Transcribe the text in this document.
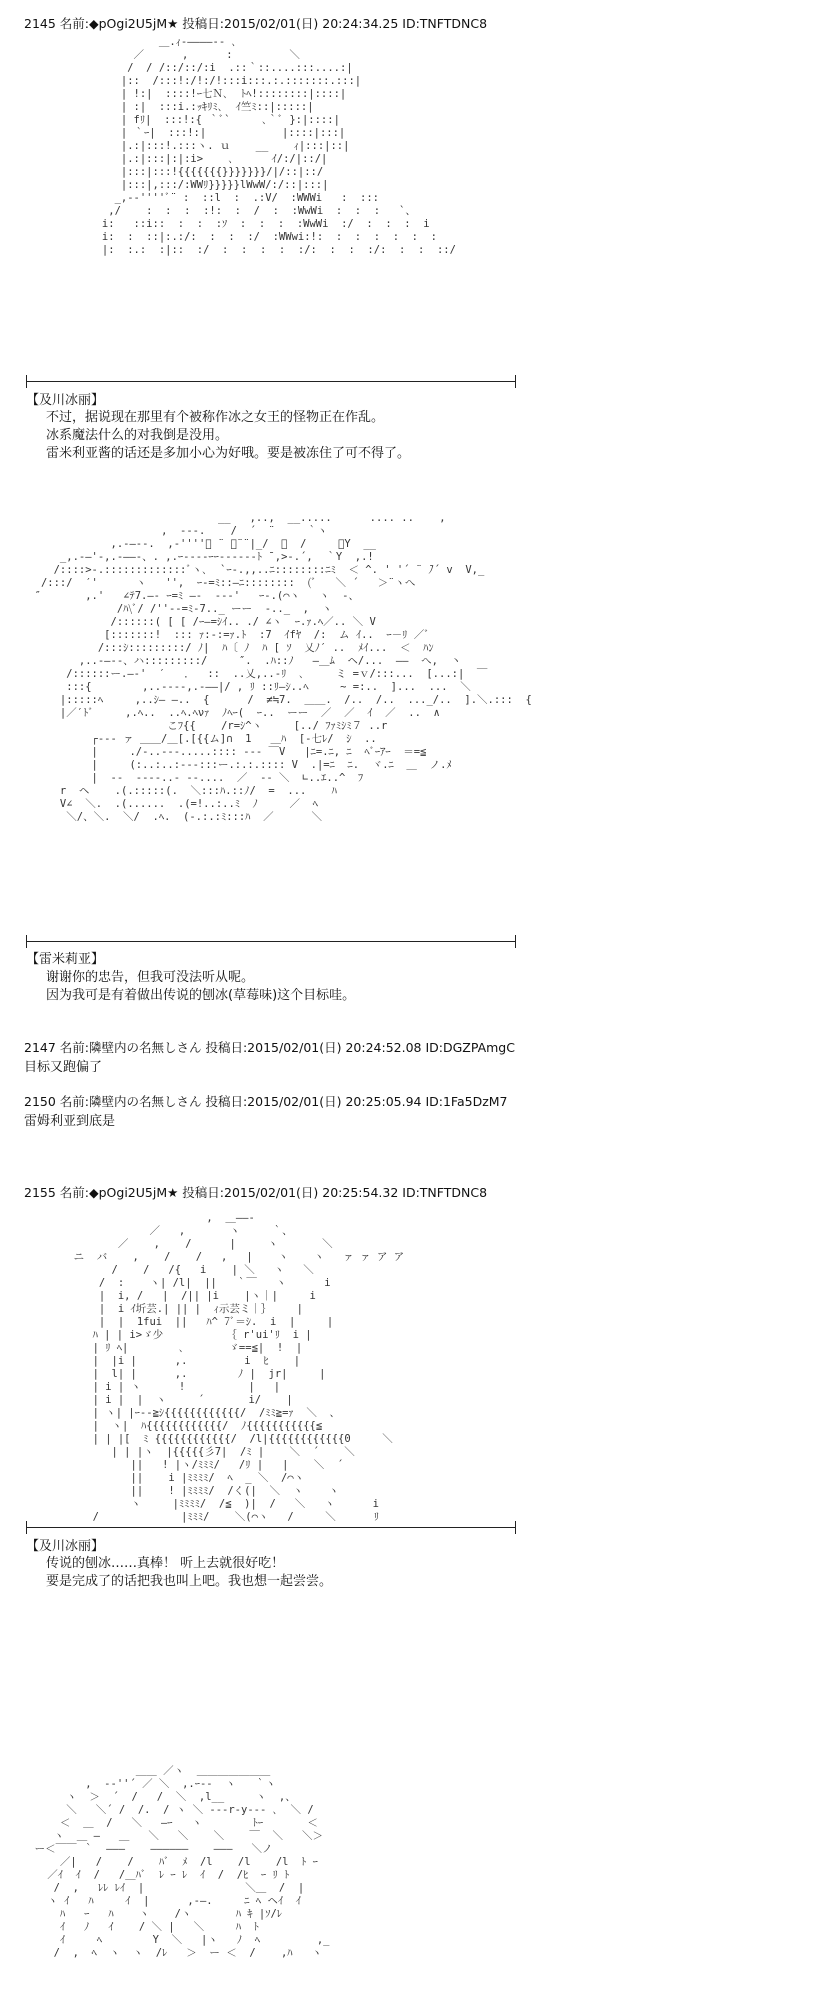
2145 名前:◆pOgi2U5jM★ 投稿日:2015/02/01(日) 20:24:34.25 ID:TNFTDNC8
＿.ｨ‐――――‐- ､
／      ,      :         ＼
/  / /::/::/:i  .::｀::....:::....:|
|::  /:::!:/!:/!:::i:::.:.:::::::.:::|
| !:|  ::::!ｰ七Ｎ､  ﾄﾍ!::::::::|::::|
| :|  :::i.:ｯｷﾘﾐ､  ｲ竺ﾐ::|:::::|
| fﾘ|  :::!:{ ｀ﾞ`     ､｀ﾞ }:|::::|
| ｀ｰ|  :::!:|            |::::|:::|
|.:|:::!.:::ヽ. ｕ    __    ｨ|:::|::|
|.:|:::|:|:i>    ､      ｲ/:/|::/|
|:::|:::!{{{{{{{}}}}}}}/|/::|::/
|:::|,:::/:WWﾘ}}}}}lWwW/:/::|:::|
_,-‐''''ﾞ¨ :  ::l  :  .:V/  :WWWi   :  :::
,/    :  :  :  :!:  :  /  :  :WwWi  :  :  :   `、
i:   ::i::  :  :  :ｿ  :  :  :  :WwWi  :/  :  :  :  i
i:  :  ::|:.:/:  :  :  :/  :WWwi:!:  :  :  :  :  :  :
|:  :.:  :|::  :/  :  :  :  :  :/:  :  :  :/:  :  :  ::/
【及川冰丽】
不过，据说现在那里有个被称作冰之女王的怪物正在作乱。
冰系魔法什么的对我倒是没用。
雷米利亚酱的话还是多加小心为好哦。要是被冻住了可不得了。
__   ,..,  __.....      .... ..    ,
,  ---.    /  ´  ¨     ｀ヽ
,.-―‐-.  ,-''''ﾞ ¨ ﾞ¨¨|_/  ｀  /     ｀Y  __
_,.-―'-,.-――‐、. ,.ｰ----ｰｰ----‐‐ﾄ ̄ ,>‐.´,  ｀Y  ,.!
/::::>‐.:::::::::::::ﾞヽ､  `ｰ-.,,..ﾆ::::::::ﾆﾐ  ＜ ^. ' '´ ¨ ̄ﾉ´ v  V,_
/:::/  ′'      ヽ   '',  ｰ-=ﾐ::―ﾆ::::::::  (ﾞ   ＼ ´   ＞¨ヽへ
″       ,.'   ∠ﾃ7.―‐ ｰ=ﾐ ―‐  ‐‐‐'   ｰ‐.(⌒ヽ   ヽ  ‐、
/ﾊ\ﾞ/ /''‐‐=ﾐ‐7.._ ーー  ‐.._  ,  ヽ
/::::::( [ [ /ｰ―=ｼｲ.. ./ ∠ヽ  ｰ.ｧ.ﾍ／.. ＼ V
[:::::::!  ::: ｧ:‐:=ｧ.ﾄ  :7  ｲfﾔ  /:  ム ｲ..  ｰ－ﾘ ／ﾞ
/:::ｼ:::::::::/ ﾉ|  ﾊ〔 ﾉ  ﾊ [ ｿ  乂ﾉ′ ..  ﾒｲ...  ＜  ﾊﾝ
,..-―‐-、ハ:::::::::/     ″.  .ﾊ::ﾉ   ―＿ﾑ  ヘ/...  ――  へ,  丶
/::::::ー.―-'  ′   ．  ::  ..乂,..‐ﾘ  ､     ミ =ｖ/:::...  [...:|  ￣
:::{        ,..----,.-――|/ , ﾘ ::ﾘ―ｼ..ﾍ     ~ =:..  ]...  ...  ＼
|:::::ﾍ     ,..ｼ― ―..  {      /  ≠≒7.  ＿＿.  /..  /..  ..._/..  ].＼.:::  {
|／′ﾄﾞ     ,.ﾍ..  ..ﾍ.ﾍνｧ  ﾉﾍｰ(  ｰ..  ーー  ／  ／  ｲ  ／  ..  ∧
こﾌ{{    /r=ｼ^ヽ     [../ ﾌｧﾐｼﾐ７ ..r
┌‐‐‐ ァ ＿＿/＿[.[{{ム]∩  1   ＿ﾊ  [‐七ﾚ/  ｼ  ..
|     ./‐..‐‐‐.....:::: ‐‐‐ ￣V   |ﾆ=.ﾆ, ﾆ  ﾍﾞｰｱｰ  ＝=≦
|     (:..:..:‐‐‐:::ー.:.:.:::: V  .|=ﾆ  ﾆ.  ヾ.ﾆ  ＿  ノ.ﾒ
|  ‐‐  ‐‐‐‐..‐ ‐‐....  ／  ‐‐ ＼  ∟..ｴ..^  ﾌ
r  ヘ    .(.:::::(.  ＼:::ﾊ.::ﾉ/  =  ...    ﾊ
V∠  ＼.  .(......  .(=!..:..ﾐ  ﾉ     ／  ﾍ
＼/、＼.  ＼/  .ﾍ.  (-.:.:ﾐ:::ﾊ  ／      ＼
【雷米莉亚】
谢谢你的忠告，但我可没法听从呢。
因为我可是有着做出传说的刨冰(草莓味)这个目标哇。
2147 名前:隣壁内の名無しさん 投稿日:2015/02/01(日) 20:24:52.08 ID:DGZPAmgC
目标又跑偏了
2150 名前:隣壁内の名無しさん 投稿日:2015/02/01(日) 20:25:05.94 ID:1Fa5DzM7
雷姆利亚到底是
2155 名前:◆pOgi2U5jM★ 投稿日:2015/02/01(日) 20:25:54.32 ID:TNFTDNC8
,  ＿――‐
／   ,       ヽ     ｀、
／    ,    /      |     ヽ       ＼
ニ  バ    ,    /    /   ,   |    ヽ    ヽ   ァ ァ ア ア
/    /   /{   i    | ＼   ヽ   ＼
/  :    ヽ| /l|  ||   ｀￣   ヽ      i
|  i, /   |  /|| |i    |ヽ｜|     i
|  i ｲ圻芸.| || |  ｨ示芸ミ｜｝    |
|  |  1fui  ||   ﾊ^ 7ﾞ＝ｼ.  i  |     |
ﾊ | | i>ゞ少          ｛ r'ui'ﾘ  i |
| ﾘ ﾍ|        ､       ゞ==≦|  !  |
|  |i |      ,.         i  ﾋ    |
|  l| |      ,.        ﾉ |  jr|     |
| i | ヽ      !          |   |
| i |  |  ヽ     ´       i/    |
| ヽ| |ｰ-‐≧ｼ{{{{{{{{{{{{/  /ﾐﾐ≧=ｧ  ＼  、
|  ヽ|  ﾊ{{{{{{{{{{{{/  ﾉ{{{{{{{{{{{≦
| | |[  ﾐ {{{{{{{{{{{{/  /l|{{{{{{{{{{{{0     ＼
| | |ヽ  |{{{{{彡7|  /ﾐ |    ＼  ´    ＼
||   ! |ヽ/ﾐﾐﾐ/   /ﾘ |   |    ＼  ´
||    i |ﾐﾐﾐﾐ/  ﾍ  _ ＼  /⌒ヽ
||    ! |ﾐﾐﾐﾐ/  /く(|  ＼  ヽ    ヽ
ヽ     |ﾐﾐﾐﾐ/  /≦  )|  /   ＼   ヽ      i
/             |ﾐﾐﾐ/    ＼(⌒ヽ   /     ＼      ﾘ
【及川冰丽】
传说的刨冰……真棒！ 听上去就很好吃！
要是完成了的话把我也叫上吧。我也想一起尝尝。
＿＿ ／ヽ  ＿＿＿＿＿＿＿
,  -‐''´ ／ ＼  ,.ｰ‐‐  ヽ   ｀ヽ
ヽ  ＞  ´  /   /  ＼  ,l__     ヽ  ,、
＼   ＼´ /  /.  / ヽ ＼ -‐‐r-y‐‐- ､  ＼ /
＜  ＿  /   ＼   ―ｰ   ヽ        ﾄｰ       ＜
ヽ  ＿ ―   ＿   ＼   ＼    ＼    ￣  ＼   ＼＞
ー＜￣￣ ｀  ―――    ――――――    ―――   ＼ノ
／|   /    /    ﾊﾞ  ﾒ  /l    /l    /l  ﾄ ｰ
／ｲ  ｲ  /   /＿ﾊﾞ  ﾚ ｰ ﾚ  ｲ  /  /ﾋ  ｰ ﾘ ﾄ
/  ,   ﾚﾚ ﾚｲ  |                ＼＿  /  |
ヽ ｲ   ﾊ     ｲ  |      ,-―.     ﾆ ﾍ ヘｲ  ｲ
ﾊ   ｰ   ﾊ    ヽ    /ヽ       ﾊ ｷ |ｿ/ﾚ
ｲ   ﾉ   ｲ    / ＼ |   ＼     ﾊ  ﾄ
ｲ     ﾍ        Y  ＼   |ヽ   ﾉ  ﾍ         ,_
/  ,  ﾍ  ヽ  ヽ  /ﾚ   ＞  ー ＜  /    ,ﾊ   ヽ
